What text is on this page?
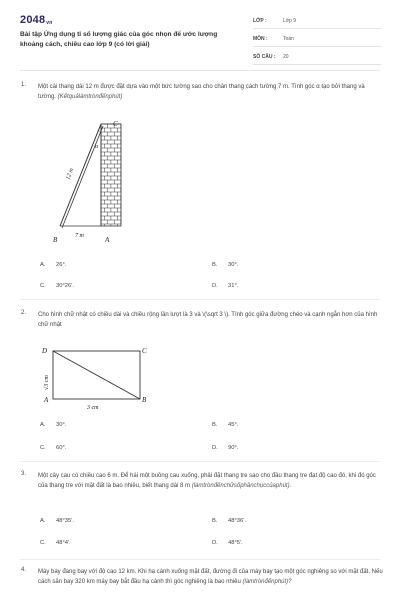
2048vn
Bài tập Ứng dụng tỉ số lượng giác của góc nhọn để ước lượng khoảng cách, chiều cao lớp 9 (có lời giải)
LỚP :	Lớp 9
MÔN :	Toán
SỐ CÂU : 20
1. Một cái thang dài 12 m được đặt dựa vào một bức tường sao cho chân thang cách tường 7 m. Tính góc α tạo bởi thang và tường. (Kếtquảlàmtrònđếnphút)
C
B	A
α
7 m
12 m
A. 26°.	B. 30°.
C. 30°26'.	D. 31°.
2. Cho hình chữ nhật có chiều dài và chiều rộng lần lượt là 3 và \(\sqrt 3 \). Tính góc giữa đường chéo và cạnh ngắn hơn của hình chữ nhật
D	C
A	B
3 cm
√3 cm
A. 30°.	B. 45°.
C. 60°.	D. 90°.
3. Một cây cau có chiều cao 6 m. Để hái một buồng cau xuống, phải đặt thang tre sao cho đầu thang tre đạt độ cao đó, khi đó góc của thang tre với mặt đất là bao nhiêu, biết thang dài 8 m (làmtrònđếnchữsốphầnchụccủaphút).
A. 48°35'.	B. 48°36'.
C. 48°4'.	D. 48°5'.
4. Máy bay đang bay với độ cao 12 km. Khi hạ cánh xuống mặt đất, đường đi của máy bay tạo một góc nghiêng so với mặt đất. Nếu cách sân bay 320 km máy bay bắt đầu hạ cánh thì góc nghiêng là bao nhiêu (làmtrònđếnphút)?
